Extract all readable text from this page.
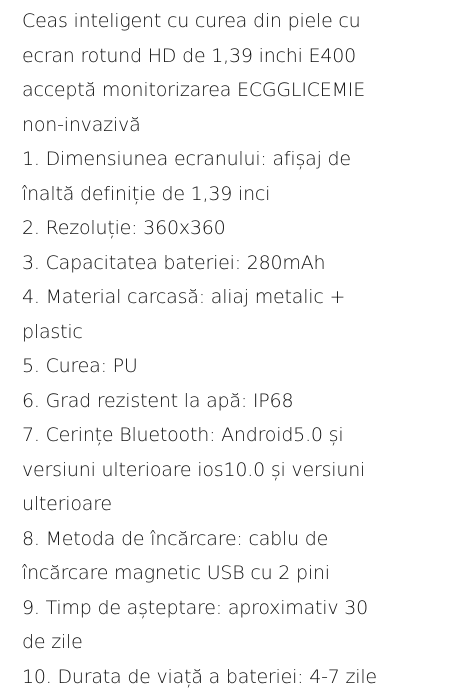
Ceas inteligent cu curea din piele cu
ecran rotund HD de 1,39 inchi E400
acceptă monitorizarea ECGGLICEMIE
non-invazivă
1. Dimensiunea ecranului: afișaj de
înaltă definiție de 1,39 inci
2. Rezoluție: 360x360
3. Capacitatea bateriei: 280mAh
4. Material carcasă: aliaj metalic +
plastic
5. Curea: PU
6. Grad rezistent la apă: IP68
7. Cerințe Bluetooth: Android5.0 și
versiuni ulterioare ios10.0 și versiuni
ulterioare
8. Metoda de încărcare: cablu de
încărcare magnetic USB cu 2 pini
9. Timp de așteptare: aproximativ 30
de zile
10. Durata de viață a bateriei: 4-7 zile
